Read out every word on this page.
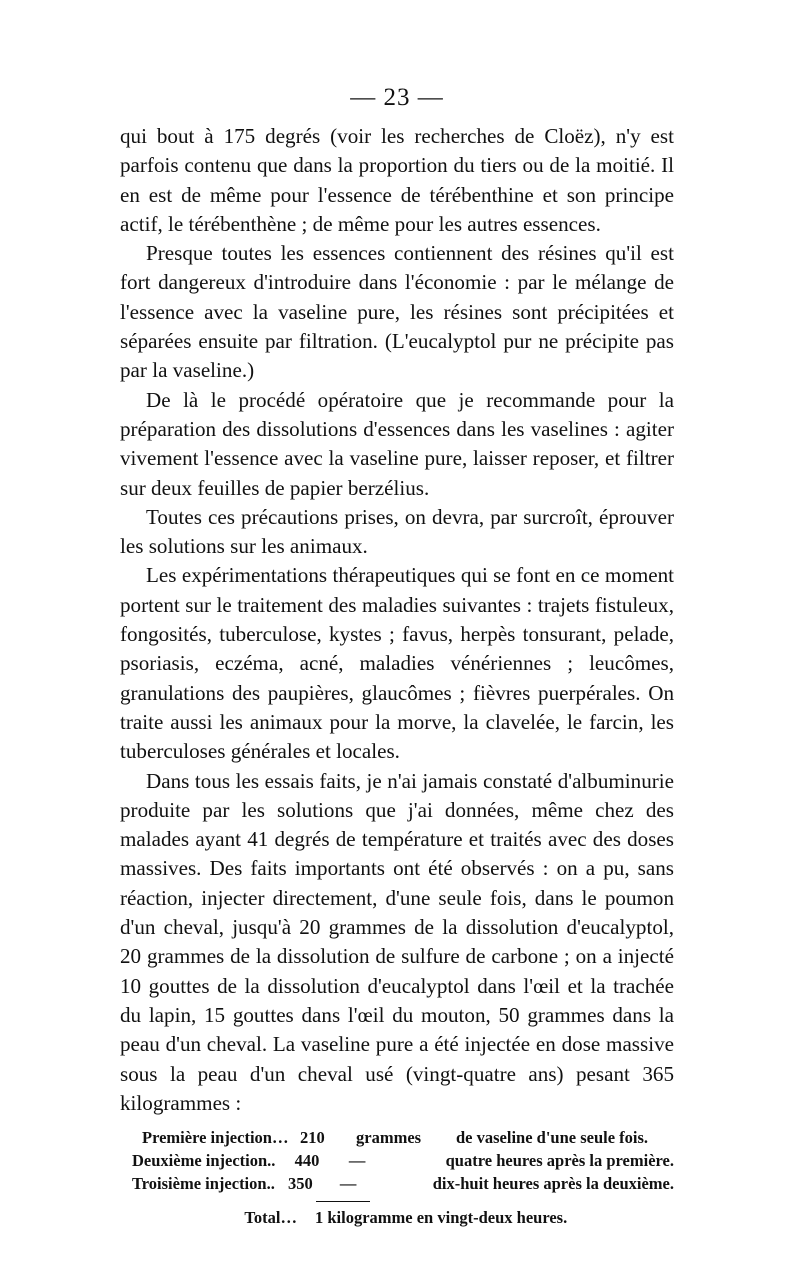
— 23 —

qui bout à 175 degrés (voir les recherches de Cloëz), n'y est parfois contenu que dans la proportion du tiers ou de la moitié. Il en est de même pour l'essence de térébenthine et son principe actif, le térébenthène ; de même pour les autres essences.

Presque toutes les essences contiennent des résines qu'il est fort dangereux d'introduire dans l'économie : par le mélange de l'essence avec la vaseline pure, les résines sont précipitées et séparées ensuite par filtration. (L'eucalyptol pur ne précipite pas par la vaseline.)

De là le procédé opératoire que je recommande pour la préparation des dissolutions d'essences dans les vaselines : agiter vivement l'essence avec la vaseline pure, laisser reposer, et filtrer sur deux feuilles de papier berzélius.

Toutes ces précautions prises, on devra, par surcroît, éprouver les solutions sur les animaux.

Les expérimentations thérapeutiques qui se font en ce moment portent sur le traitement des maladies suivantes : trajets fistuleux, fongosités, tuberculose, kystes ; favus, herpès tonsurant, pelade, psoriasis, eczéma, acné, maladies vénériennes ; leucômes, granulations des paupières, glaucômes ; fièvres puerpérales. On traite aussi les animaux pour la morve, la clavelée, le farcin, les tuberculoses générales et locales.

Dans tous les essais faits, je n'ai jamais constaté d'albuminurie produite par les solutions que j'ai données, même chez des malades ayant 41 degrés de température et traités avec des doses massives. Des faits importants ont été observés : on a pu, sans réaction, injecter directement, d'une seule fois, dans le poumon d'un cheval, jusqu'à 20 grammes de la dissolution d'eucalyptol, 20 grammes de la dissolution de sulfure de carbone ; on a injecté 10 gouttes de la dissolution d'eucalyptol dans l'œil et la trachée du lapin, 15 gouttes dans l'œil du mouton, 50 grammes dans la peau d'un cheval. La vaseline pure a été injectée en dose massive sous la peau d'un cheval usé (vingt-quatre ans) pesant 365 kilogrammes :

Première injection… 210	grammes	de vaseline d'une seule fois.
Deuxième injection..	440	—	quatre heures après la première.
Troisième injection.. 350	—	dix-huit heures après la deuxième.
Total…	1 kilogramme en vingt-deux heures.
